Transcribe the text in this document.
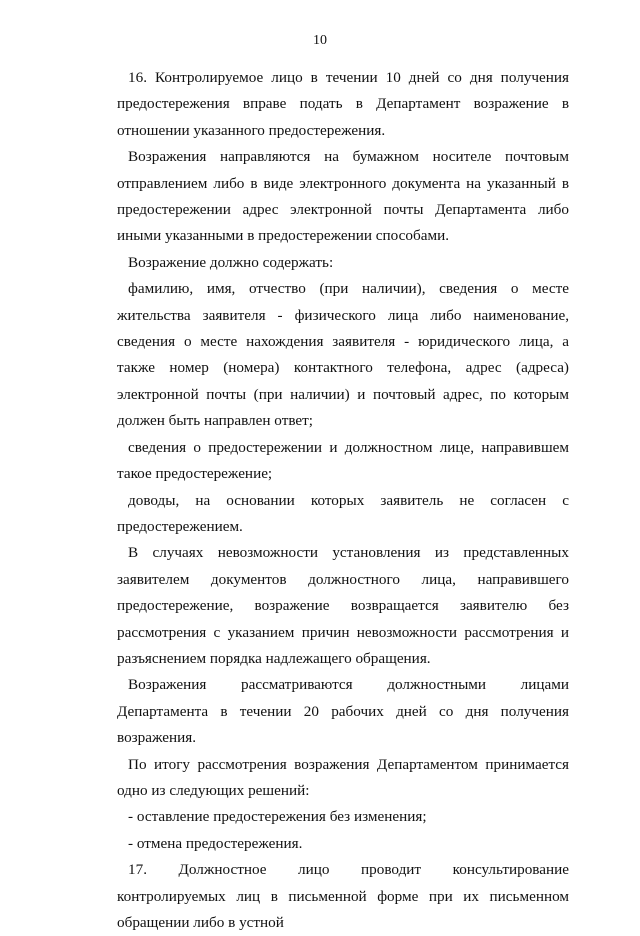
10

16. Контролируемое лицо в течении 10 дней со дня получения предостережения вправе подать в Департамент возражение в отношении указанного предостережения.

Возражения направляются на бумажном носителе почтовым отправлением либо в виде электронного документа на указанный в предостережении адрес электронной почты Департамента либо иными указанными в предостережении способами.

Возражение должно содержать:

фамилию, имя, отчество (при наличии), сведения о месте жительства заявителя - физического лица либо наименование, сведения о месте нахождения заявителя - юридического лица, а также номер (номера) контактного телефона, адрес (адреса) электронной почты (при наличии) и почтовый адрес, по которым должен быть направлен ответ;

сведения о предостережении и должностном лице, направившем такое предостережение;

доводы, на основании которых заявитель не согласен с предостережением.

В случаях невозможности установления из представленных заявителем документов должностного лица, направившего предостережение, возражение возвращается заявителю без рассмотрения с указанием причин невозможности рассмотрения и разъяснением порядка надлежащего обращения.

Возражения рассматриваются должностными лицами Департамента в течении 20 рабочих дней со дня получения возражения.

По итогу рассмотрения возражения Департаментом принимается одно из следующих решений:

- оставление предостережения без изменения;

- отмена предостережения.

17. Должностное лицо проводит консультирование контролируемых лиц в письменной форме при их письменном обращении либо в устной
